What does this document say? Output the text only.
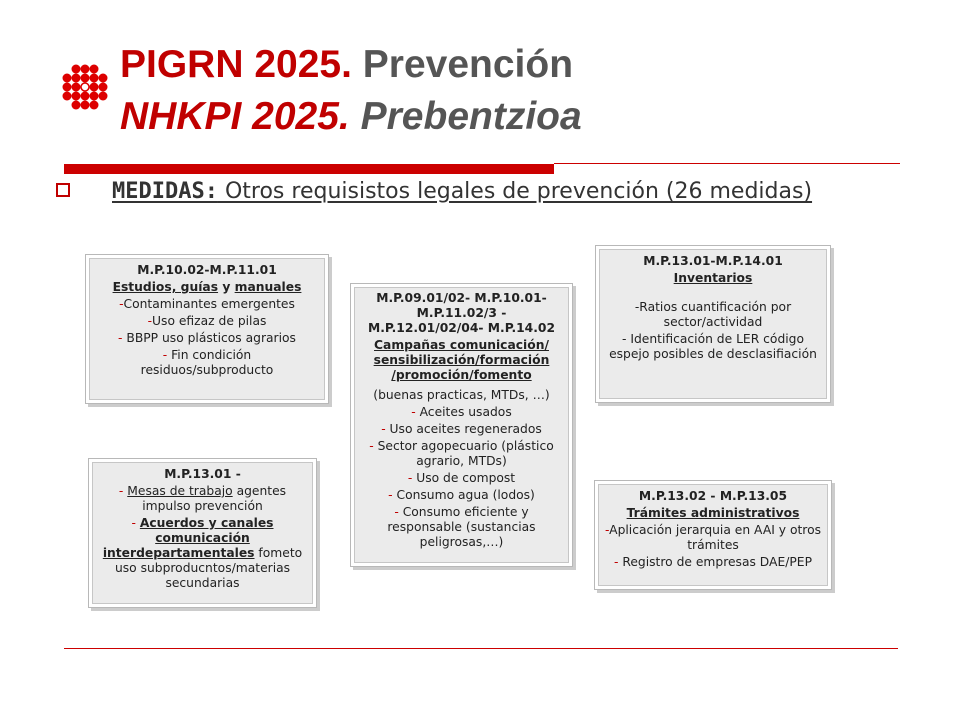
PIGRN 2025. Prevención
NHKPI 2025. Prebentzioa
MEDIDAS: Otros requisistos legales de prevención (26 medidas)
M.P.10.02-M.P.11.01
Estudios, guías y manuales
-Contaminantes emergentes
-Uso efizaz de pilas
- BBPP uso plásticos agrarios
- Fin condición residuos/subproducto
M.P.09.01/02- M.P.10.01-M.P.11.02/3 - M.P.12.01/02/04- M.P.14.02
Campañas comunicación/ sensibilización/formación /promoción/fomento
(buenas practicas, MTDs, …)
- Aceites usados
- Uso aceites regenerados
- Sector agopecuario (plástico agrario, MTDs)
- Uso de compost
- Consumo agua (lodos)
- Consumo eficiente y responsable (sustancias peligrosas,…)
M.P.13.01-M.P.14.01
Inventarios
-Ratios cuantificación por sector/actividad
- Identificación de LER código espejo posibles de desclasifiación
M.P.13.01 -
- Mesas de trabajo agentes impulso prevención
- Acuerdos y canales comunicación interdepartamentales fometo uso subproducntos/materias secundarias
M.P.13.02 - M.P.13.05
Trámites administrativos
-Aplicación jerarquia en AAI y otros trámites
- Registro de empresas DAE/PEP
